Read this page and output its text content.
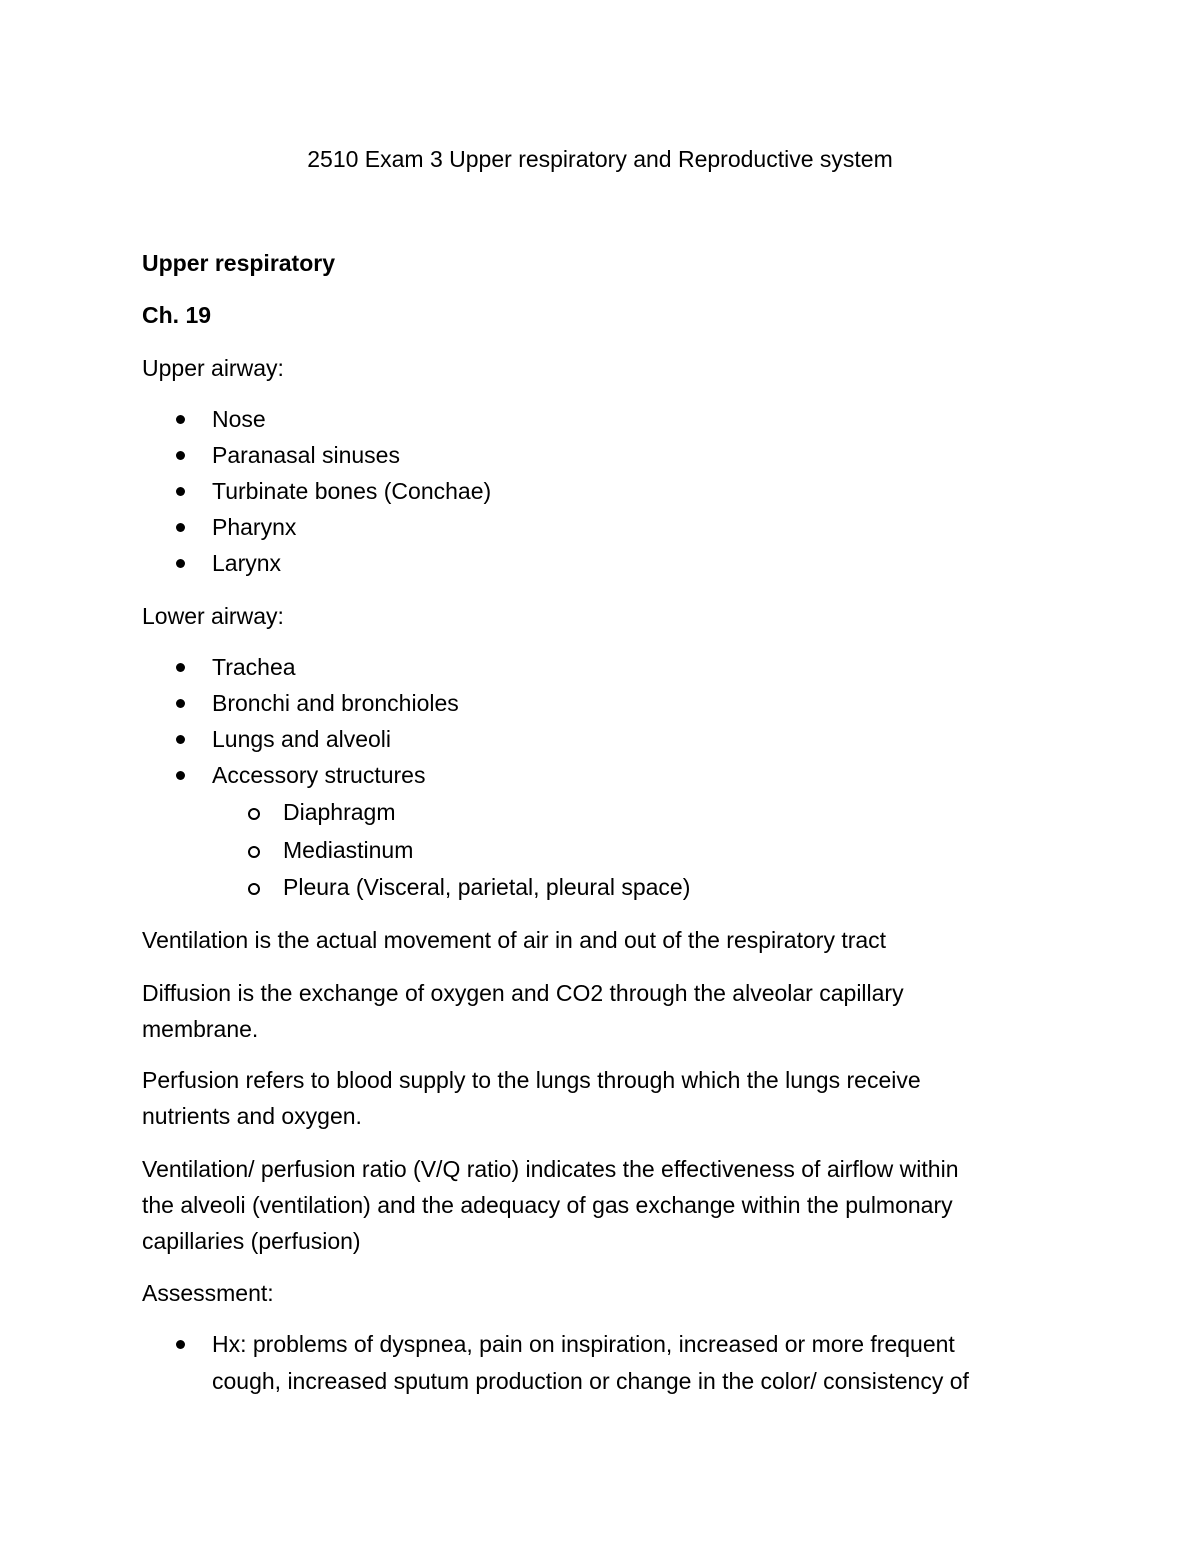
2510 Exam 3 Upper respiratory and Reproductive system

Upper respiratory

Ch. 19

Upper airway:

Nose

Paranasal sinuses

Turbinate bones (Conchae)

Pharynx

Larynx

Lower airway:

Trachea

Bronchi and bronchioles

Lungs and alveoli

Accessory structures

Diaphragm

Mediastinum

Pleura (Visceral, parietal, pleural space)

Ventilation is the actual movement of air in and out of the respiratory tract

Diffusion is the exchange of oxygen and CO2 through the alveolar capillary

membrane.

Perfusion refers to blood supply to the lungs through which the lungs receive

nutrients and oxygen.

Ventilation/ perfusion ratio (V/Q ratio) indicates the effectiveness of airflow within

the alveoli (ventilation) and the adequacy of gas exchange within the pulmonary

capillaries (perfusion)

Assessment:

Hx: problems of dyspnea, pain on inspiration, increased or more frequent

cough, increased sputum production or change in the color/ consistency of
